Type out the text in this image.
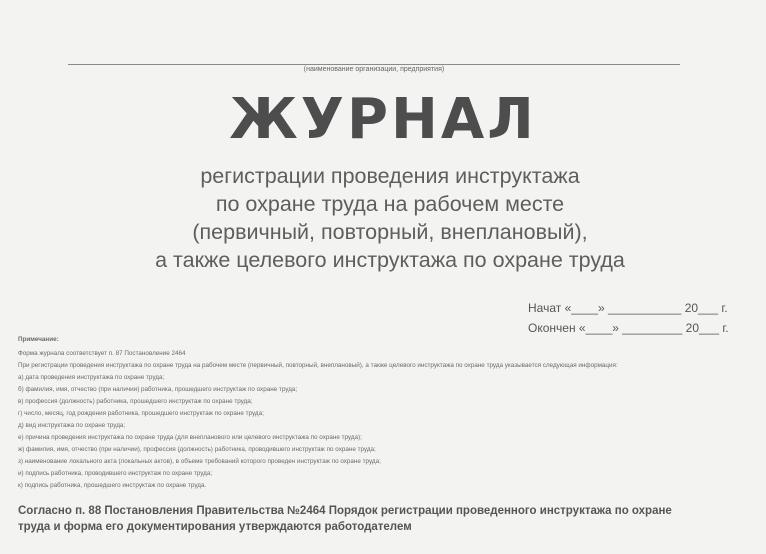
(наименование организации, предприятия)
ЖУРНАЛ
регистрации проведения инструктажа
по охране труда на рабочем месте
(первичный, повторный, внеплановый),
а также целевого инструктажа по охране труда
Начат «____» ___________ 20___ г.
Окончен «____» _________ 20___ г.
Примечание:
Форма журнала соответствует п. 87 Постановление 2464
При регистрации проведения инструктажа по охране труда на рабочем месте (первичный, повторный, внеплановый), а также целевого инструктажа по охране труда указывается следующая информация:
а) дата проведения инструктажа по охране труда;
б) фамилия, имя, отчество (при наличии) работника, прошедшего инструктаж по охране труда;
в) профессия (должность) работника, прошедшего инструктаж по охране труда;
г) число, месяц, год рождения работника, прошедшего инструктаж по охране труда;
д) вид инструктажа по охране труда;
е) причина проведения инструктажа по охране труда (для внепланового или целевого инструктажа по охране труда);
ж) фамилия, имя, отчество (при наличии), профессия (должность) работника, проводившего инструктаж по охране труда;
з) наименование локального акта (локальных актов), в объеме требований которого проведен инструктаж по охране труда;
и) подпись работника, проводившего инструктаж по охране труда;
к) подпись работника, прошедшего инструктаж по охране труда.
Согласно п. 88 Постановления Правительства №2464 Порядок регистрации проведенного инструктажа по охране
труда и форма его документирования утверждаются работодателем
